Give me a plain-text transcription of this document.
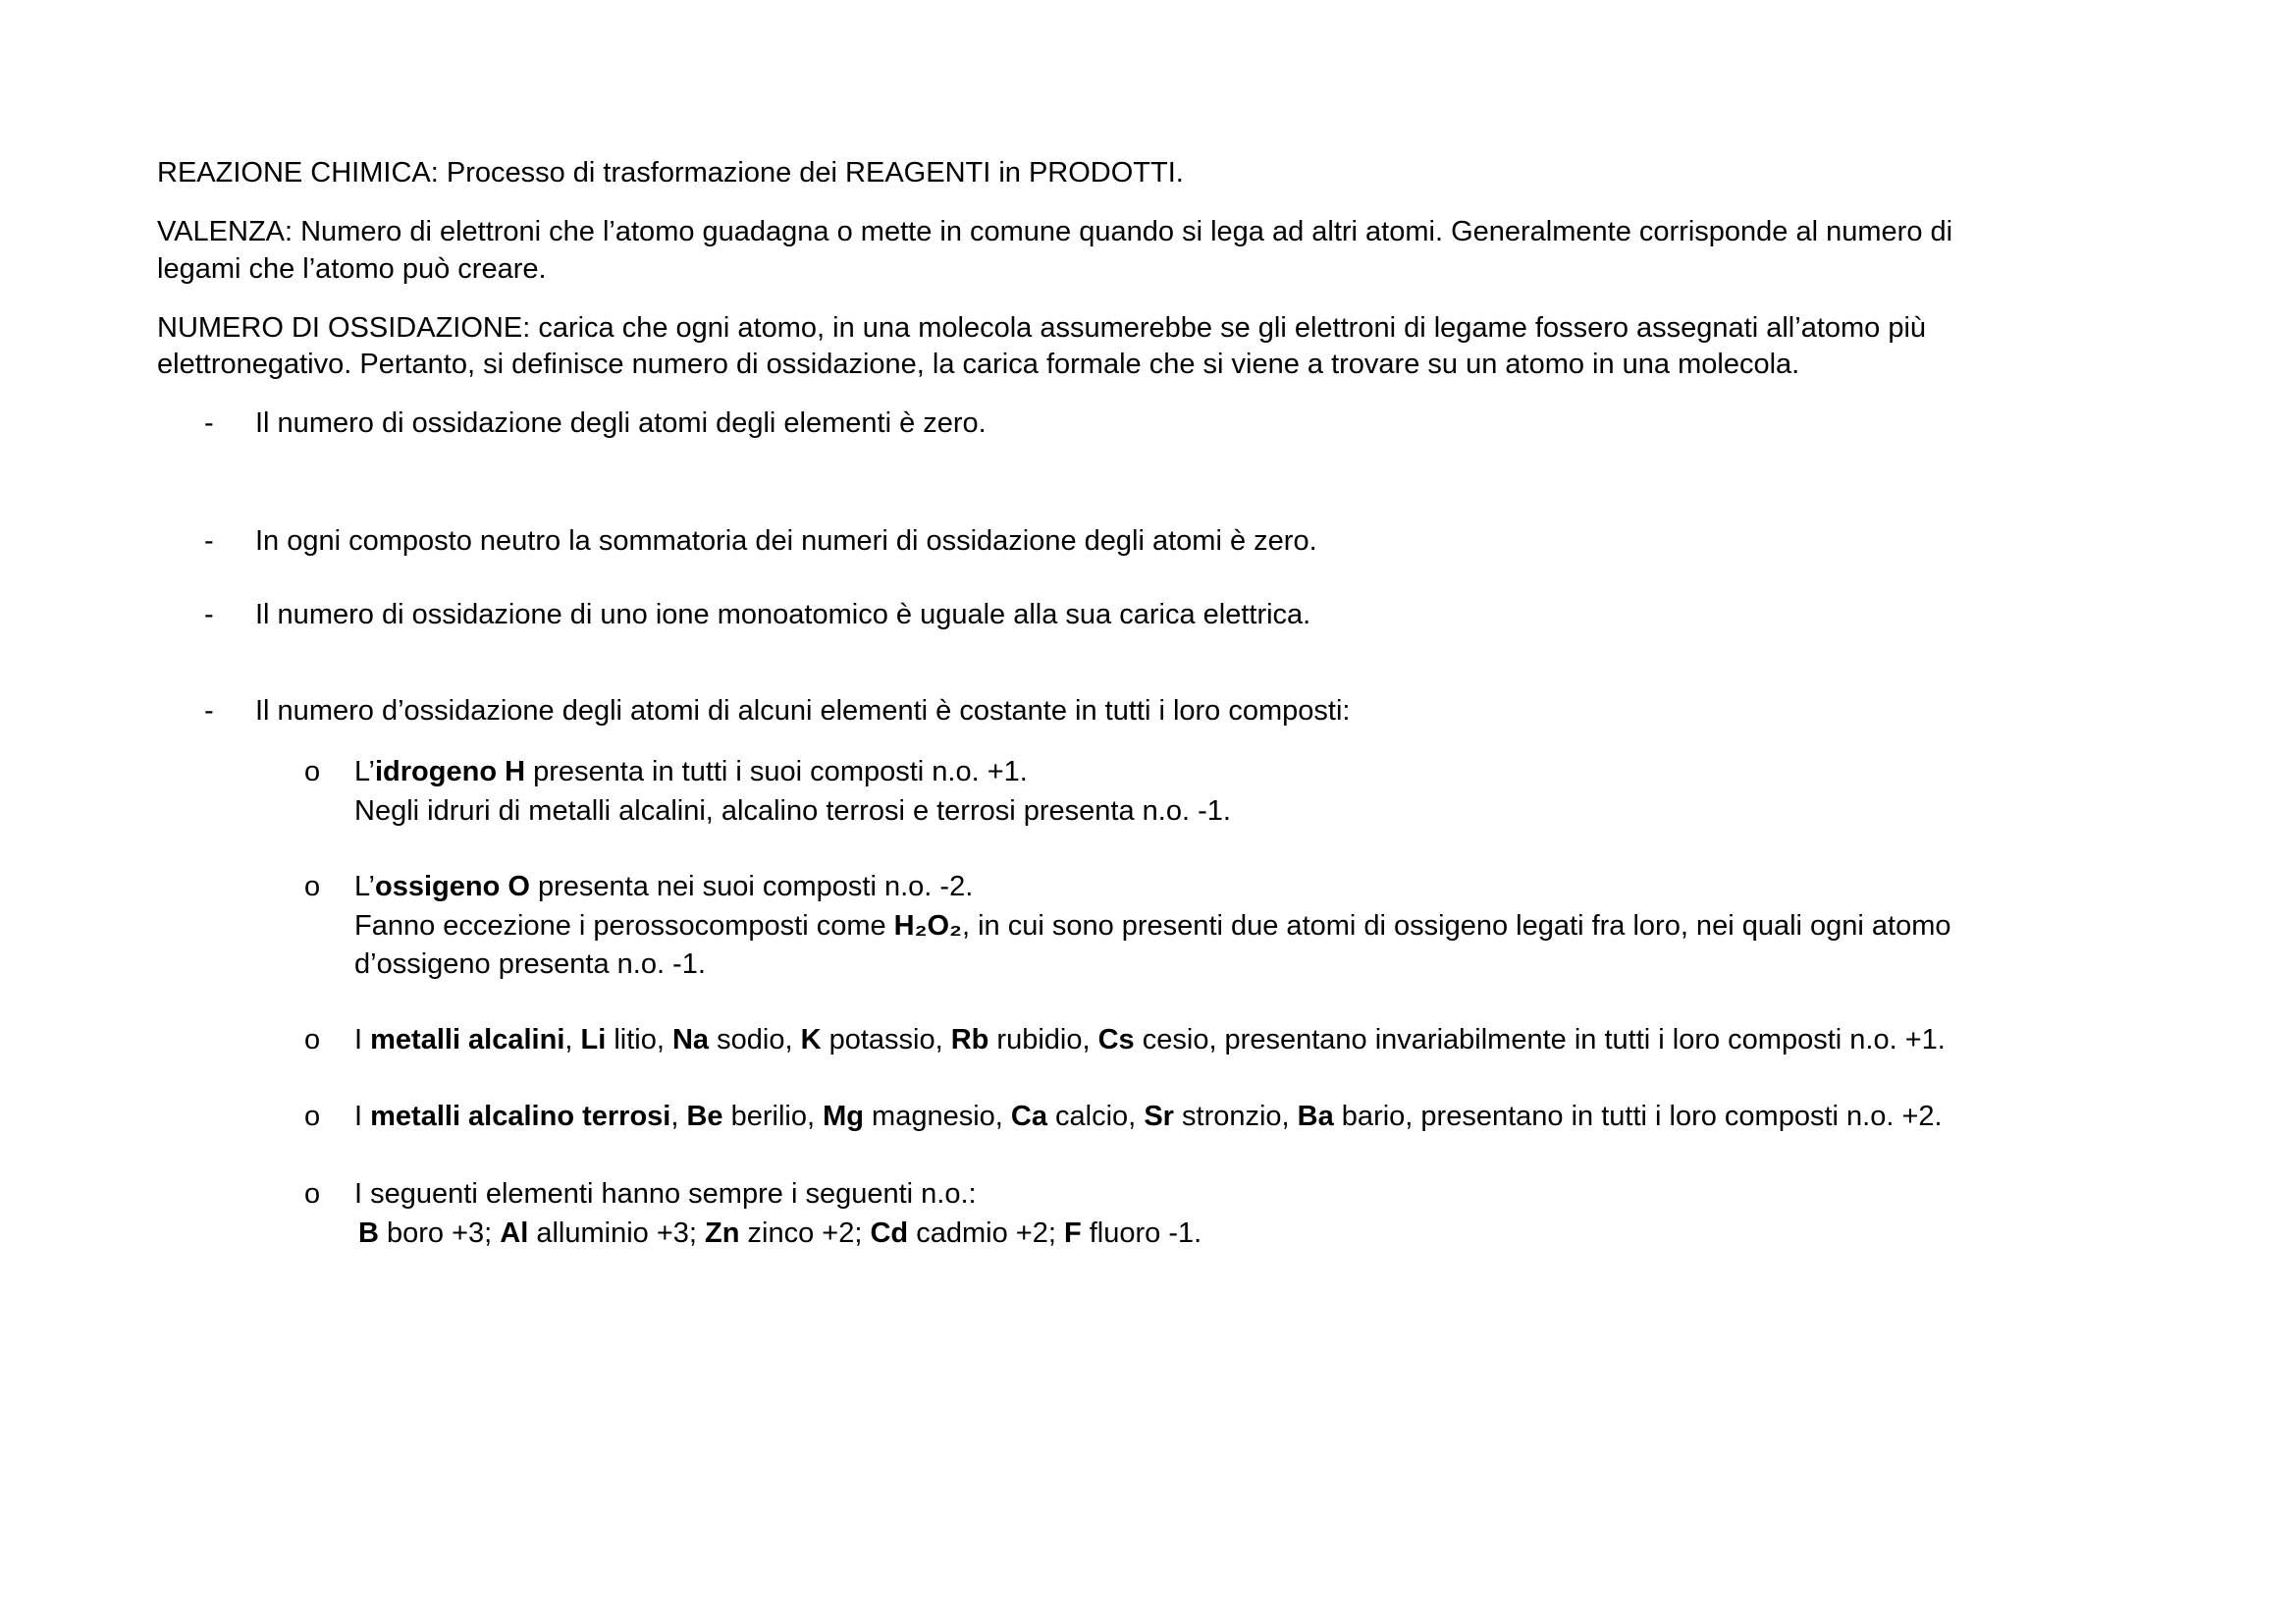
REAZIONE CHIMICA: Processo di trasformazione dei REAGENTI in PRODOTTI.

VALENZA: Numero di elettroni che l’atomo guadagna o mette in comune quando si lega ad altri atomi. Generalmente corrisponde al numero di

legami che l’atomo può creare.

NUMERO DI OSSIDAZIONE: carica che ogni atomo, in una molecola assumerebbe se gli elettroni di legame fossero assegnati all’atomo più

elettronegativo. Pertanto, si definisce numero di ossidazione, la carica formale che si viene a trovare su un atomo in una molecola.

- Il numero di ossidazione degli atomi degli elementi è zero.

- In ogni composto neutro la sommatoria dei numeri di ossidazione degli atomi è zero.

- Il numero di ossidazione di uno ione monoatomico è uguale alla sua carica elettrica.

- Il numero d’ossidazione degli atomi di alcuni elementi è costante in tutti i loro composti:

o L’idrogeno H presenta in tutti i suoi composti n.o. +1.

Negli idruri di metalli alcalini, alcalino terrosi e terrosi presenta n.o. -1.

o L’ossigeno O presenta nei suoi composti n.o. -2.

Fanno eccezione i perossocomposti come H₂O₂, in cui sono presenti due atomi di ossigeno legati fra loro, nei quali ogni atomo

d’ossigeno presenta n.o. -1.

o I metalli alcalini, Li litio, Na sodio, K potassio, Rb rubidio, Cs cesio, presentano invariabilmente in tutti i loro composti n.o. +1.

o I metalli alcalino terrosi, Be berilio, Mg magnesio, Ca calcio, Sr stronzio, Ba bario, presentano in tutti i loro composti n.o. +2.

o I seguenti elementi hanno sempre i seguenti n.o.:

B boro +3; Al alluminio +3; Zn zinco +2; Cd cadmio +2; F fluoro -1.
